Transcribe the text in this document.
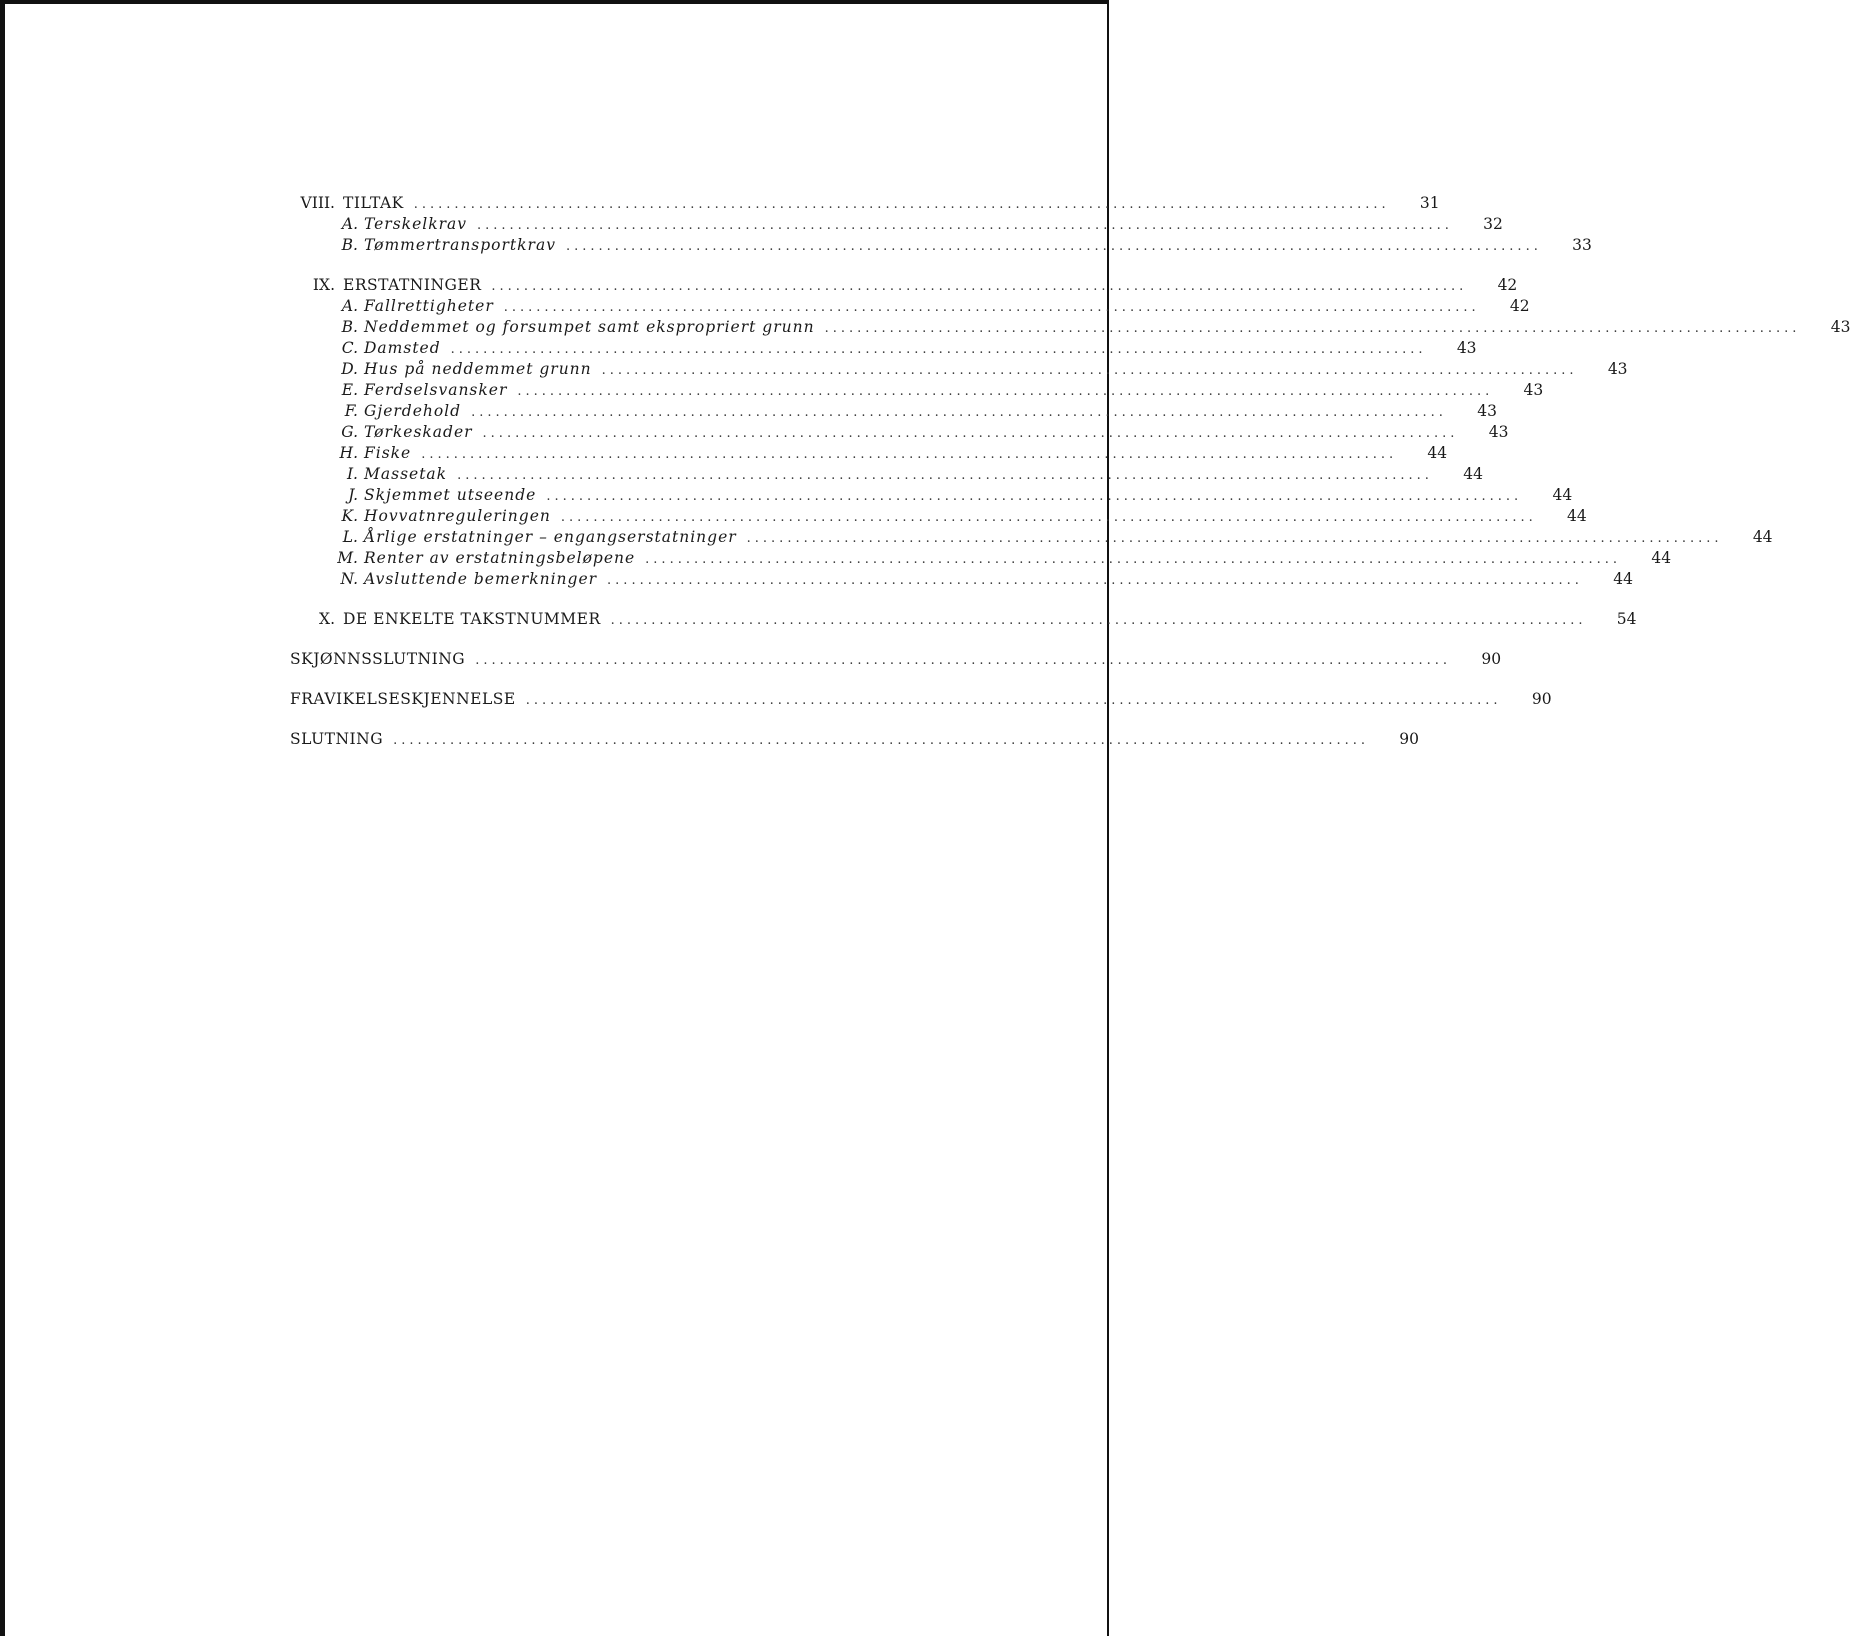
VIII. TILTAK ........................................................................................................................	31
A. Terskelkrav ........................................................................................................................	32
B. Tømmertransportkrav ........................................................................................................................	33
IX. ERSTATNINGER ........................................................................................................................	42
A. Fallrettigheter ........................................................................................................................	42
B. Neddemmet og forsumpet samt ekspropriert grunn ........................................................................................................................	43
C. Damsted ........................................................................................................................	43
D. Hus på neddemmet grunn ........................................................................................................................	43
E. Ferdselsvansker ........................................................................................................................	43
F. Gjerdehold ........................................................................................................................	43
G. Tørkeskader ........................................................................................................................	43
H. Fiske ........................................................................................................................	44
I. Massetak ........................................................................................................................	44
J. Skjemmet utseende ........................................................................................................................	44
K. Hovvatnreguleringen ........................................................................................................................	44
L. Årlige erstatninger – engangserstatninger ........................................................................................................................	44
M. Renter av erstatningsbeløpene ........................................................................................................................	44
N. Avsluttende bemerkninger ........................................................................................................................	44
X. DE ENKELTE TAKSTNUMMER ........................................................................................................................	54
SKJØNNSSLUTNING ........................................................................................................................	90
FRAVIKELSESKJENNELSE ........................................................................................................................	90
SLUTNING ........................................................................................................................	90
